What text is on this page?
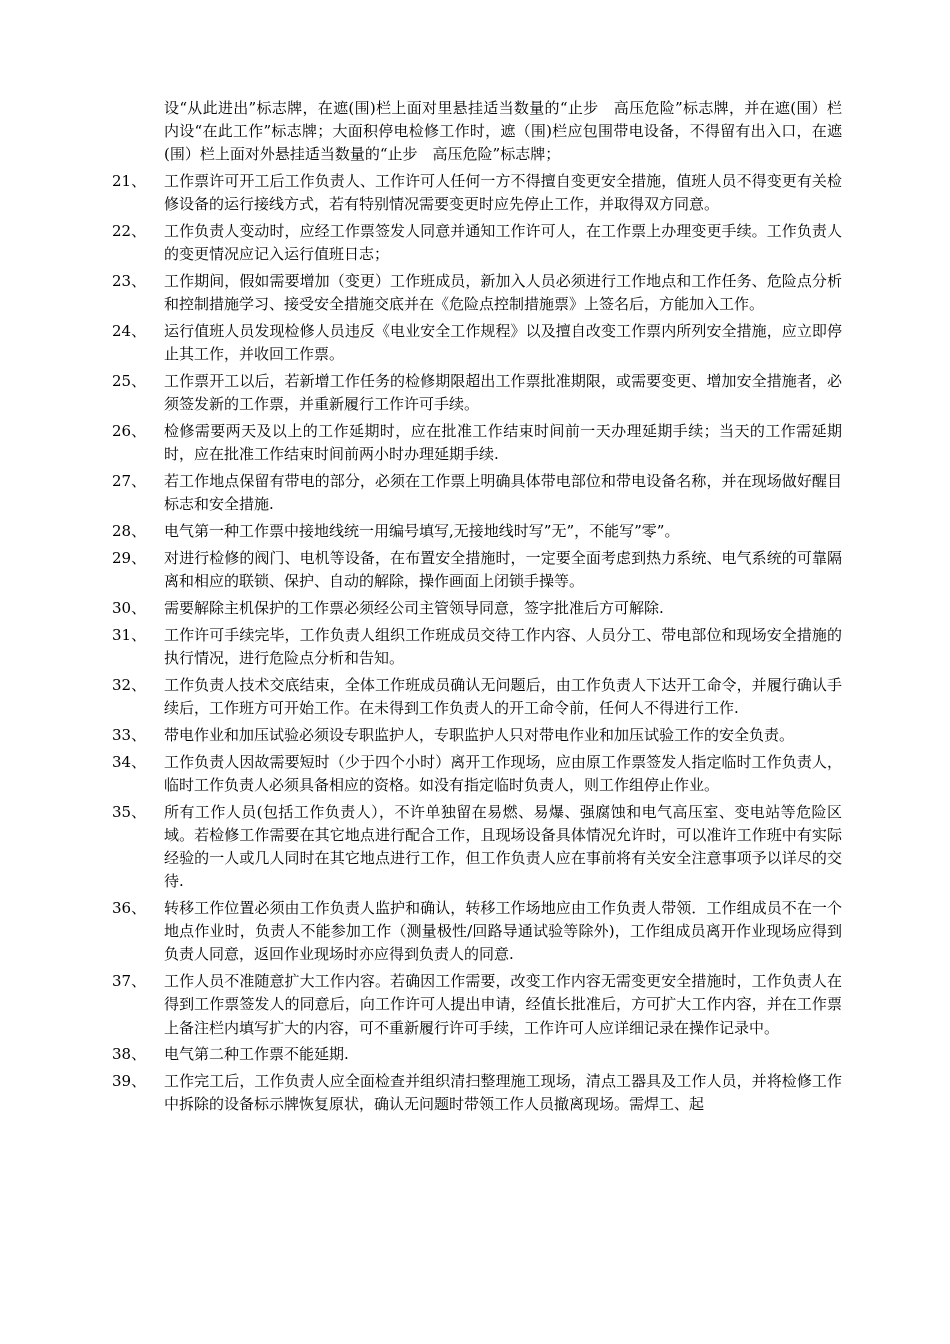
设“从此进出”标志牌，在遮(围)栏上面对里悬挂适当数量的“止步　高压危险”标志牌，并在遮(围）栏内设“在此工作”标志牌；大面积停电检修工作时，遮（围)栏应包围带电设备，不得留有出入口，在遮(围）栏上面对外悬挂适当数量的“止步　高压危险”标志牌；
21、	工作票许可开工后工作负责人、工作许可人任何一方不得擅自变更安全措施，值班人员不得变更有关检修设备的运行接线方式，若有特别情况需要变更时应先停止工作，并取得双方同意。
22、	工作负责人变动时，应经工作票签发人同意并通知工作许可人，在工作票上办理变更手续。工作负责人的变更情况应记入运行值班日志；
23、	工作期间，假如需要增加（变更）工作班成员，新加入人员必须进行工作地点和工作任务、危险点分析和控制措施学习、接受安全措施交底并在《危险点控制措施票》上签名后，方能加入工作。
24、	运行值班人员发现检修人员违反《电业安全工作规程》以及擅自改变工作票内所列安全措施，应立即停止其工作，并收回工作票。
25、	工作票开工以后，若新增工作任务的检修期限超出工作票批准期限，或需要变更、增加安全措施者，必须签发新的工作票，并重新履行工作许可手续。
26、	检修需要两天及以上的工作延期时，应在批准工作结束时间前一天办理延期手续；当天的工作需延期时，应在批准工作结束时间前两小时办理延期手续.
27、	若工作地点保留有带电的部分，必须在工作票上明确具体带电部位和带电设备名称，并在现场做好醒目标志和安全措施.
28、	电气第一种工作票中接地线统一用编号填写,无接地线时写”无”，不能写”零”。
29、	对进行检修的阀门、电机等设备，在布置安全措施时，一定要全面考虑到热力系统、电气系统的可靠隔离和相应的联锁、保护、自动的解除，操作画面上闭锁手操等。
30、	需要解除主机保护的工作票必须经公司主管领导同意，签字批准后方可解除.
31、	工作许可手续完毕，工作负责人组织工作班成员交待工作内容、人员分工、带电部位和现场安全措施的执行情况，进行危险点分析和告知。
32、	工作负责人技术交底结束，全体工作班成员确认无问题后，由工作负责人下达开工命令，并履行确认手续后，工作班方可开始工作。在未得到工作负责人的开工命令前，任何人不得进行工作.
33、	带电作业和加压试验必须设专职监护人，专职监护人只对带电作业和加压试验工作的安全负责。
34、	工作负责人因故需要短时（少于四个小时）离开工作现场，应由原工作票签发人指定临时工作负责人，临时工作负责人必须具备相应的资格。如没有指定临时负责人，则工作组停止作业。
35、	所有工作人员(包括工作负责人），不许单独留在易燃、易爆、强腐蚀和电气高压室、变电站等危险区域。若检修工作需要在其它地点进行配合工作，且现场设备具体情况允许时，可以准许工作班中有实际经验的一人或几人同时在其它地点进行工作，但工作负责人应在事前将有关安全注意事项予以详尽的交待.
36、	转移工作位置必须由工作负责人监护和确认，转移工作场地应由工作负责人带领．工作组成员不在一个地点作业时，负责人不能参加工作（测量极性/回路导通试验等除外)，工作组成员离开作业现场应得到负责人同意，返回作业现场时亦应得到负责人的同意.
37、	工作人员不准随意扩大工作内容。若确因工作需要，改变工作内容无需变更安全措施时，工作负责人在得到工作票签发人的同意后，向工作许可人提出申请，经值长批准后，方可扩大工作内容，并在工作票上备注栏内填写扩大的内容，可不重新履行许可手续，工作许可人应详细记录在操作记录中。
38、	电气第二种工作票不能延期.
39、	工作完工后，工作负责人应全面检查并组织清扫整理施工现场，清点工器具及工作人员，并将检修工作中拆除的设备标示牌恢复原状，确认无问题时带领工作人员撤离现场。需焊工、起
